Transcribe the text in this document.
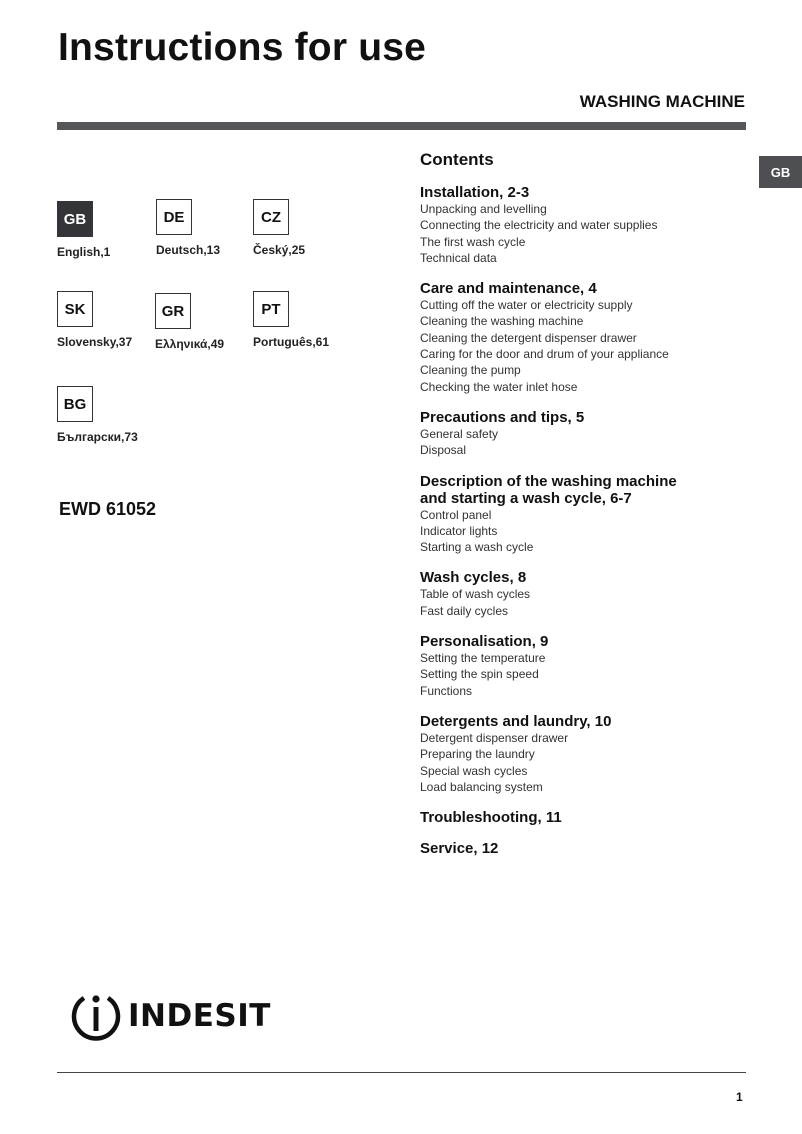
Instructions for use
WASHING MACHINE
GB
GB
English,1
DE
Deutsch,13
CZ
Český,25
SK
Slovensky,37
GR
Ελληνικά,49
PT
Português,61
BG
Български,73
EWD 61052
Contents
Installation, 2-3
Unpacking and levelling
Connecting the electricity and water supplies
The first wash cycle
Technical data
Care and maintenance, 4
Cutting off the water or electricity supply
Cleaning the washing machine
Cleaning the detergent dispenser drawer
Caring for the door and drum of your appliance
Cleaning the pump
Checking the water inlet hose
Precautions and tips, 5
General safety
Disposal
Description of the washing machine
and starting a wash cycle, 6-7
Control panel
Indicator lights
Starting a wash cycle
Wash cycles, 8
Table of wash cycles
Fast daily cycles
Personalisation, 9
Setting the temperature
Setting the spin speed
Functions
Detergents and laundry, 10
Detergent dispenser drawer
Preparing the laundry
Special wash cycles
Load balancing system
Troubleshooting, 11
Service, 12
INDESIT
1
